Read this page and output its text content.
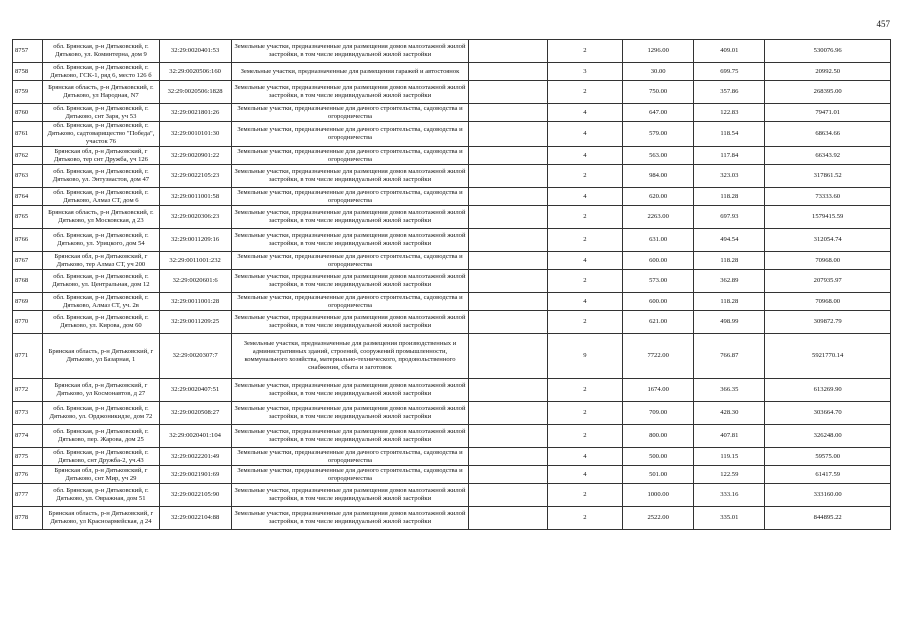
457
8757	обл. Брянская, р-н Дятьковский, г. Дятьково, ул. Коминтерна, дом 9	32:29:0020401:53	Земельные участки, предназначенные для размещения домов малоэтажной жилой застройки, в том числе индивидуальной жилой застройки		2	1296.00	409.01	530076.96
8758	обл. Брянская, р-н Дятьковский, г. Дятьково, ГСК-1, ряд 6, место 126 б	32:29:0020506:160	Земельные участки, предназначенные для размещения гаражей и автостоянок		3	30.00	699.75	20992.50
8759	Брянская область, р-н Дятьковский, г. Дятьково, ул Народная, N7	32:29:0020506:1828	Земельные участки, предназначенные для размещения домов малоэтажной жилой застройки, в том числе индивидуальной жилой застройки		2	750.00	357.86	268395.00
8760	обл. Брянская, р-н Дятьковский, г. Дятьково, снт Заря, уч 53	32:29:0021801:26	Земельные участки, предназначенные для дачного строительства, садоводства и огородничества		4	647.00	122.83	79471.01
8761	обл. Брянская, р-н Дятьковский, г. Дятьково, садтоварищество "Победа", участок 76	32:29:0010101:30	Земельные участки, предназначенные для дачного строительства, садоводства и огородничества		4	579.00	118.54	68634.66
8762	Брянская обл, р-н Дятьковский, г Дятьково, тер снт Дружба, уч 126	32:29:0020901:22	Земельные участки, предназначенные для дачного строительства, садоводства и огородничества		4	563.00	117.84	66343.92
8763	обл. Брянская, р-н Дятьковский, г. Дятьково, ул. Энтузиастов, дом 47	32:29:0022105:23	Земельные участки, предназначенные для размещения домов малоэтажной жилой застройки, в том числе индивидуальной жилой застройки		2	984.00	323.03	317861.52
8764	обл. Брянская, р-н Дятьковский, г. Дятьково, Алмаз СТ, дом 6	32:29:0011001:58	Земельные участки, предназначенные для дачного строительства, садоводства и огородничества		4	620.00	118.28	73333.60
8765	Брянская область, р-н Дятьковский, г. Дятьково, ул Московская, д 23	32:29:0020306:23	Земельные участки, предназначенные для размещения домов малоэтажной жилой застройки, в том числе индивидуальной жилой застройки		2	2263.00	697.93	1579415.59
8766	обл. Брянская, р-н Дятьковский, г. Дятьково, ул. Урицкого, дом 54	32:29:0011209:16	Земельные участки, предназначенные для размещения домов малоэтажной жилой застройки, в том числе индивидуальной жилой застройки		2	631.00	494.54	312054.74
8767	Брянская обл, р-н Дятьковский, г Дятьково, тер Алмаз СТ, уч 200	32:29:0011001:232	Земельные участки, предназначенные для дачного строительства, садоводства и огородничества		4	600.00	118.28	70968.00
8768	обл. Брянская, р-н Дятьковский, г. Дятьково, ул. Центральная, дом 12	32:29:0020601:6	Земельные участки, предназначенные для размещения домов малоэтажной жилой застройки, в том числе индивидуальной жилой застройки		2	573.00	362.89	207935.97
8769	обл. Брянская, р-н Дятьковский, г. Дятьково, Алмаз СТ, уч. 2в	32:29:0011001:28	Земельные участки, предназначенные для дачного строительства, садоводства и огородничества		4	600.00	118.28	70968.00
8770	обл. Брянская, р-н Дятьковский, г. Дятьково, ул. Кирова, дом 60	32:29:0011209:25	Земельные участки, предназначенные для размещения домов малоэтажной жилой застройки, в том числе индивидуальной жилой застройки		2	621.00	498.99	309872.79
8771	Брянская область, р-н Дятьковский, г Дятьково, ул Базарная, 1	32:29:0020307:7	Земельные участки, предназначенные для размещения производственных и административных зданий, строений, сооружений промышленности, коммунального хозяйства, материально-технического, продовольственного снабжения, сбыта и заготовок		9	7722.00	766.87	5921770.14
8772	Брянская обл, р-н Дятьковский, г Дятьково, ул Космонавтов, д 27	32:29:0020407:51	Земельные участки, предназначенные для размещения домов малоэтажной жилой застройки, в том числе индивидуальной жилой застройки		2	1674.00	366.35	613269.90
8773	обл. Брянская, р-н Дятьковский, г. Дятьково, ул. Орджоникидзе, дом 72	32:29:0020508:27	Земельные участки, предназначенные для размещения домов малоэтажной жилой застройки, в том числе индивидуальной жилой застройки		2	709.00	428.30	303664.70
8774	обл. Брянская, р-н Дятьковский, г. Дятьково, пер. Жарова, дом 25	32:29:0020401:104	Земельные участки, предназначенные для размещения домов малоэтажной жилой застройки, в том числе индивидуальной жилой застройки		2	800.00	407.81	326248.00
8775	обл. Брянская, р-н Дятьковский, г. Дятьково, снт Дружба-2, уч.43	32:29:0022201:49	Земельные участки, предназначенные для дачного строительства, садоводства и огородничества		4	500.00	119.15	59575.00
8776	Брянская обл, р-н Дятьковский, г Дятьково, снт Мир, уч 29	32:29:0021901:69	Земельные участки, предназначенные для дачного строительства, садоводства и огородничества		4	501.00	122.59	61417.59
8777	обл. Брянская, р-н Дятьковский, г. Дятьково, ул. Овражная, дом 51	32:29:0022105:90	Земельные участки, предназначенные для размещения домов малоэтажной жилой застройки, в том числе индивидуальной жилой застройки		2	1000.00	333.16	333160.00
8778	Брянская область, р-н Дятьковский, г Дятьково, ул Красноармейская, д 24	32:29:0022104:88	Земельные участки, предназначенные для размещения домов малоэтажной жилой застройки, в том числе индивидуальной жилой застройки		2	2522.00	335.01	844895.22
